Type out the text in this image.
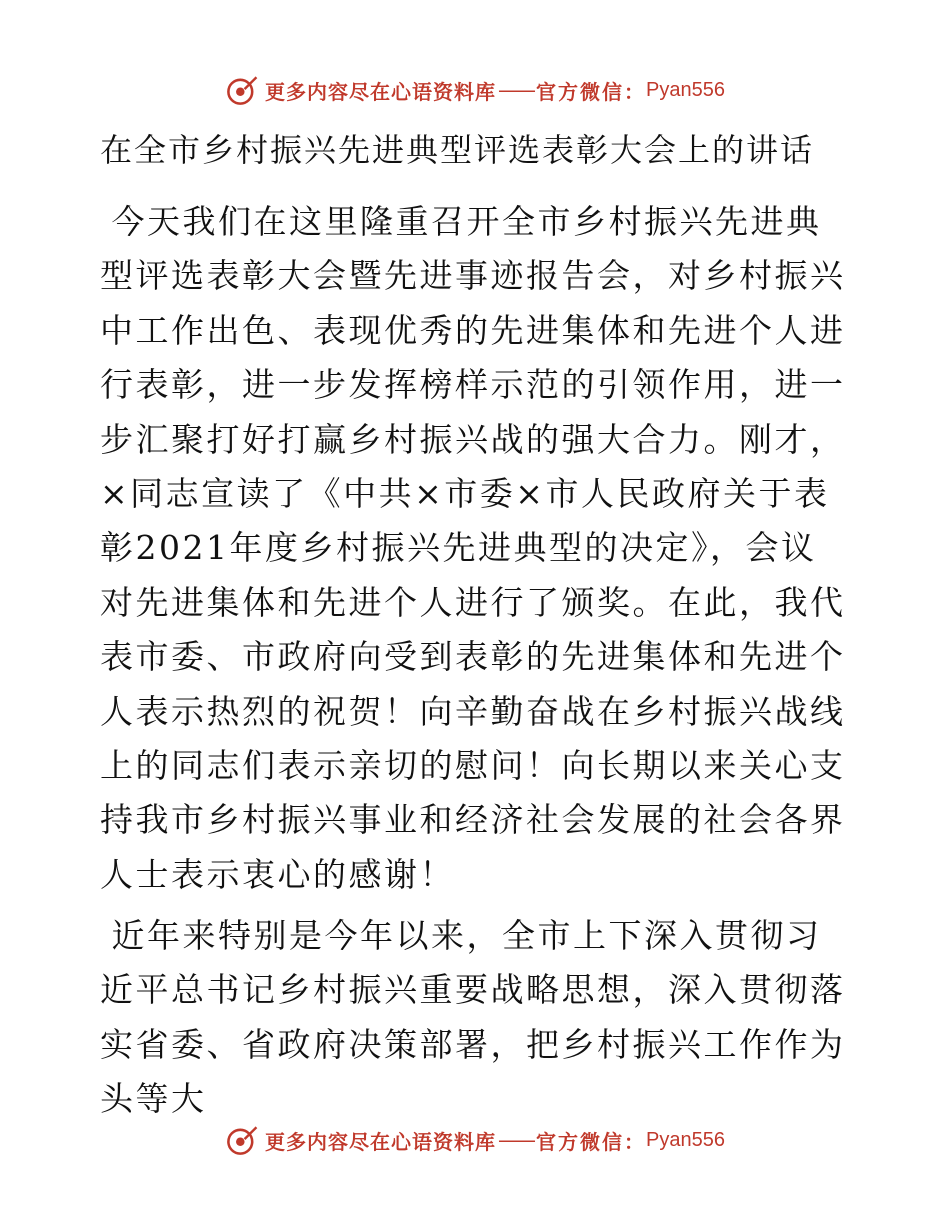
更多内容尽在心语资料库 —— 官方微信： Pyan556
在全市乡村振兴先进典型评选表彰大会上的讲话

今天我们在这里隆重召开全市乡村振兴先进典型评选表彰大会暨先进事迹报告会，对乡村振兴中工作出色、表现优秀的先进集体和先进个人进行表彰，进一步发挥榜样示范的引领作用，进一步汇聚打好打赢乡村振兴战的强大合力。刚才，×同志宣读了《中共×市委×市人民政府关于表彰2021年度乡村振兴先进典型的决定》，会议对先进集体和先进个人进行了颁奖。在此，我代表市委、市政府向受到表彰的先进集体和先进个人表示热烈的祝贺！向辛勤奋战在乡村振兴战线上的同志们表示亲切的慰问！向长期以来关心支持我市乡村振兴事业和经济社会发展的社会各界人士表示衷心的感谢！

近年来特别是今年以来，全市上下深入贯彻习近平总书记乡村振兴重要战略思想，深入贯彻落实省委、省政府决策部署，把乡村振兴工作作为头等大

更多内容尽在心语资料库 —— 官方微信： Pyan556
